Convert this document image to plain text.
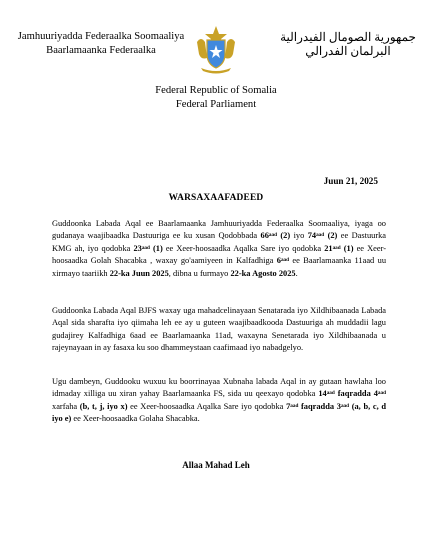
Jamhuuriyadda Federaalka Soomaaliya
Baarlamaanka Federaalka
جمهورية الصومال الفيدرالية
البرلمان الفدرالي
Federal Republic of Somalia
Federal Parliament
Juun 21, 2025
WARSAXAAFADEED
Guddoonka Labada Aqal ee Baarlamaanka Jamhuuriyadda Federaalka Soomaaliya, iyaga oo gudanaya waajibaadka Dastuuriga ee ku xusan Qodobbada $66^{aad}$ (2) iyo $74^{aad}$ (2) ee Dastuurka KMG ah, iyo qodobka $23^{aad}$ (1) ee Xeer-hoosaadka Aqalka Sare iyo qodobka $21^{aad}$ (1) ee Xeer-hoosaadka Golah Shacabka , waxay go'aamiyeen in Kalfadhiga $6^{aad}$ ee Baarlamaanka 11aad uu xirmayo taariikh 22-ka Juun 2025, dibna u furmayo 22-ka Agosto 2025.
Guddoonka Labada Aqal BJFS waxay uga mahadcelinayaan Senatarada iyo Xildhibaanada Labada Aqal sida sharafta iyo qiimaha leh ee ay u guteen waajibaadkooda Dastuuriga ah muddadii lagu gudajirey Kalfadhiga 6aad ee Baarlamaanka 11ad, waxayna Senetarada iyo Xildhibaanada u rajeynayaan in ay fasaxa ku soo dhammeystaan caafimaad iyo nabadgelyo.
Ugu dambeyn, Guddooku wuxuu ku boorrinayaa Xubnaha labada Aqal in ay gutaan hawlaha loo idmaday xilliga uu xiran yahay Baarlamaanka FS, sida uu qeexayo qodobka $14^{aad}$ faqradda $4^{aad}$ xarfaha (b, t, j, iyo x) ee Xeer-hoosaadka Aqalka Sare iyo qodobka $7^{aad}$ faqradda $3^{aad}$ (a, b, c, d iyo e) ee Xeer-hoosaadka Golaha Shacabka.
Allaa Mahad Leh
